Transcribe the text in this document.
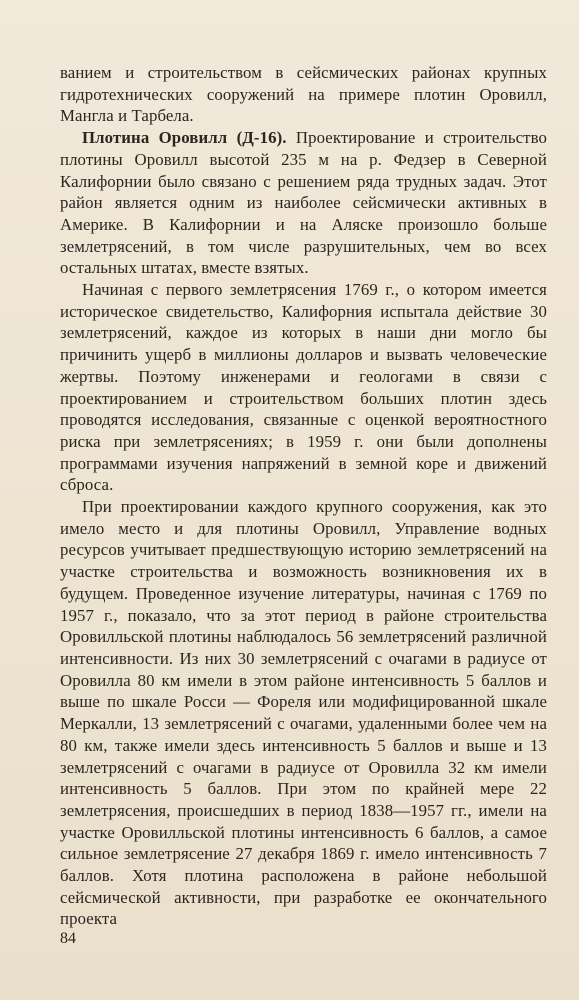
ванием и строительством в сейсмических районах крупных гидротехнических сооружений на примере плотин Оровилл, Мангла и Тарбела.

Плотина Оровилл (Д-16). Проектирование и строительство плотины Оровилл высотой 235 м на р. Федзер в Северной Калифорнии было связано с решением ряда трудных задач. Этот район является одним из наиболее сейсмически активных в Америке. В Калифорнии и на Аляске произошло больше землетрясений, в том числе разрушительных, чем во всех остальных штатах, вместе взятых.

Начиная с первого землетрясения 1769 г., о котором имеется историческое свидетельство, Калифорния испытала действие 30 землетрясений, каждое из которых в наши дни могло бы причинить ущерб в миллионы долларов и вызвать человеческие жертвы. Поэтому инженерами и геологами в связи с проектированием и строительством больших плотин здесь проводятся исследования, связанные с оценкой вероятностного риска при землетрясениях; в 1959 г. они были дополнены программами изучения напряжений в земной коре и движений сброса.

При проектировании каждого крупного сооружения, как это имело место и для плотины Оровилл, Управление водных ресурсов учитывает предшествующую историю землетрясений на участке строительства и возможность возникновения их в будущем. Проведенное изучение литературы, начиная с 1769 по 1957 г., показало, что за этот период в районе строительства Оровилльской плотины наблюдалось 56 землетрясений различной интенсивности. Из них 30 землетрясений с очагами в радиусе от Оровилла 80 км имели в этом районе интенсивность 5 баллов и выше по шкале Росси — Фореля или модифицированной шкале Меркалли, 13 землетрясений с очагами, удаленными более чем на 80 км, также имели здесь интенсивность 5 баллов и выше и 13 землетрясений с очагами в радиусе от Оровилла 32 км имели интенсивность 5 баллов. При этом по крайней мере 22 землетрясения, происшедших в период 1838—1957 гг., имели на участке Оровилльской плотины интенсивность 6 баллов, а самое сильное землетрясение 27 декабря 1869 г. имело интенсивность 7 баллов. Хотя плотина расположена в районе небольшой сейсмической активности, при разработке ее окончательного проекта

84
